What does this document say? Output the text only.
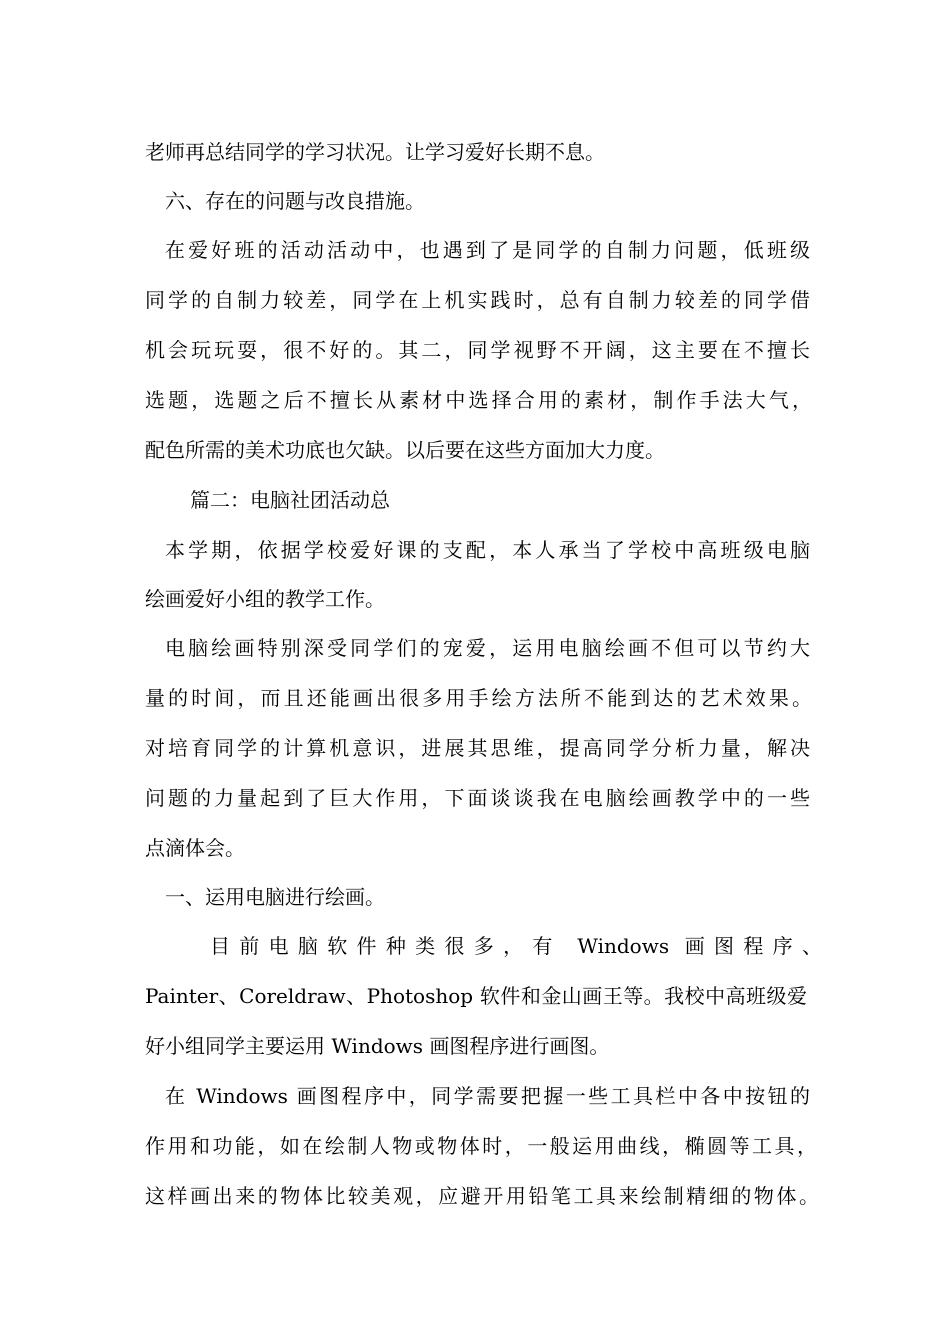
老师再总结同学的学习状况。让学习爱好长期不息。
六、存在的问题与改良措施。
在爱好班的活动活动中，也遇到了是同学的自制力问题，低班级
同学的自制力较差，同学在上机实践时，总有自制力较差的同学借
机会玩玩耍，很不好的。其二，同学视野不开阔，这主要在不擅长
选题，选题之后不擅长从素材中选择合用的素材，制作手法大气，
配色所需的美术功底也欠缺。以后要在这些方面加大力度。
篇二：电脑社团活动总
本学期，依据学校爱好课的支配，本人承当了学校中高班级电脑
绘画爱好小组的教学工作。
电脑绘画特别深受同学们的宠爱，运用电脑绘画不但可以节约大
量的时间，而且还能画出很多用手绘方法所不能到达的艺术效果。
对培育同学的计算机意识，进展其思维，提高同学分析力量，解决
问题的力量起到了巨大作用，下面谈谈我在电脑绘画教学中的一些
点滴体会。
一、运用电脑进行绘画。
目前电脑软件种类很多，有 Windows 画图程序、
Painter、Coreldraw、Photoshop 软件和金山画王等。我校中高班级爱
好小组同学主要运用 Windows 画图程序进行画图。
在 Windows 画图程序中，同学需要把握一些工具栏中各中按钮的
作用和功能，如在绘制人物或物体时，一般运用曲线，椭圆等工具，
这样画出来的物体比较美观，应避开用铅笔工具来绘制精细的物体。
